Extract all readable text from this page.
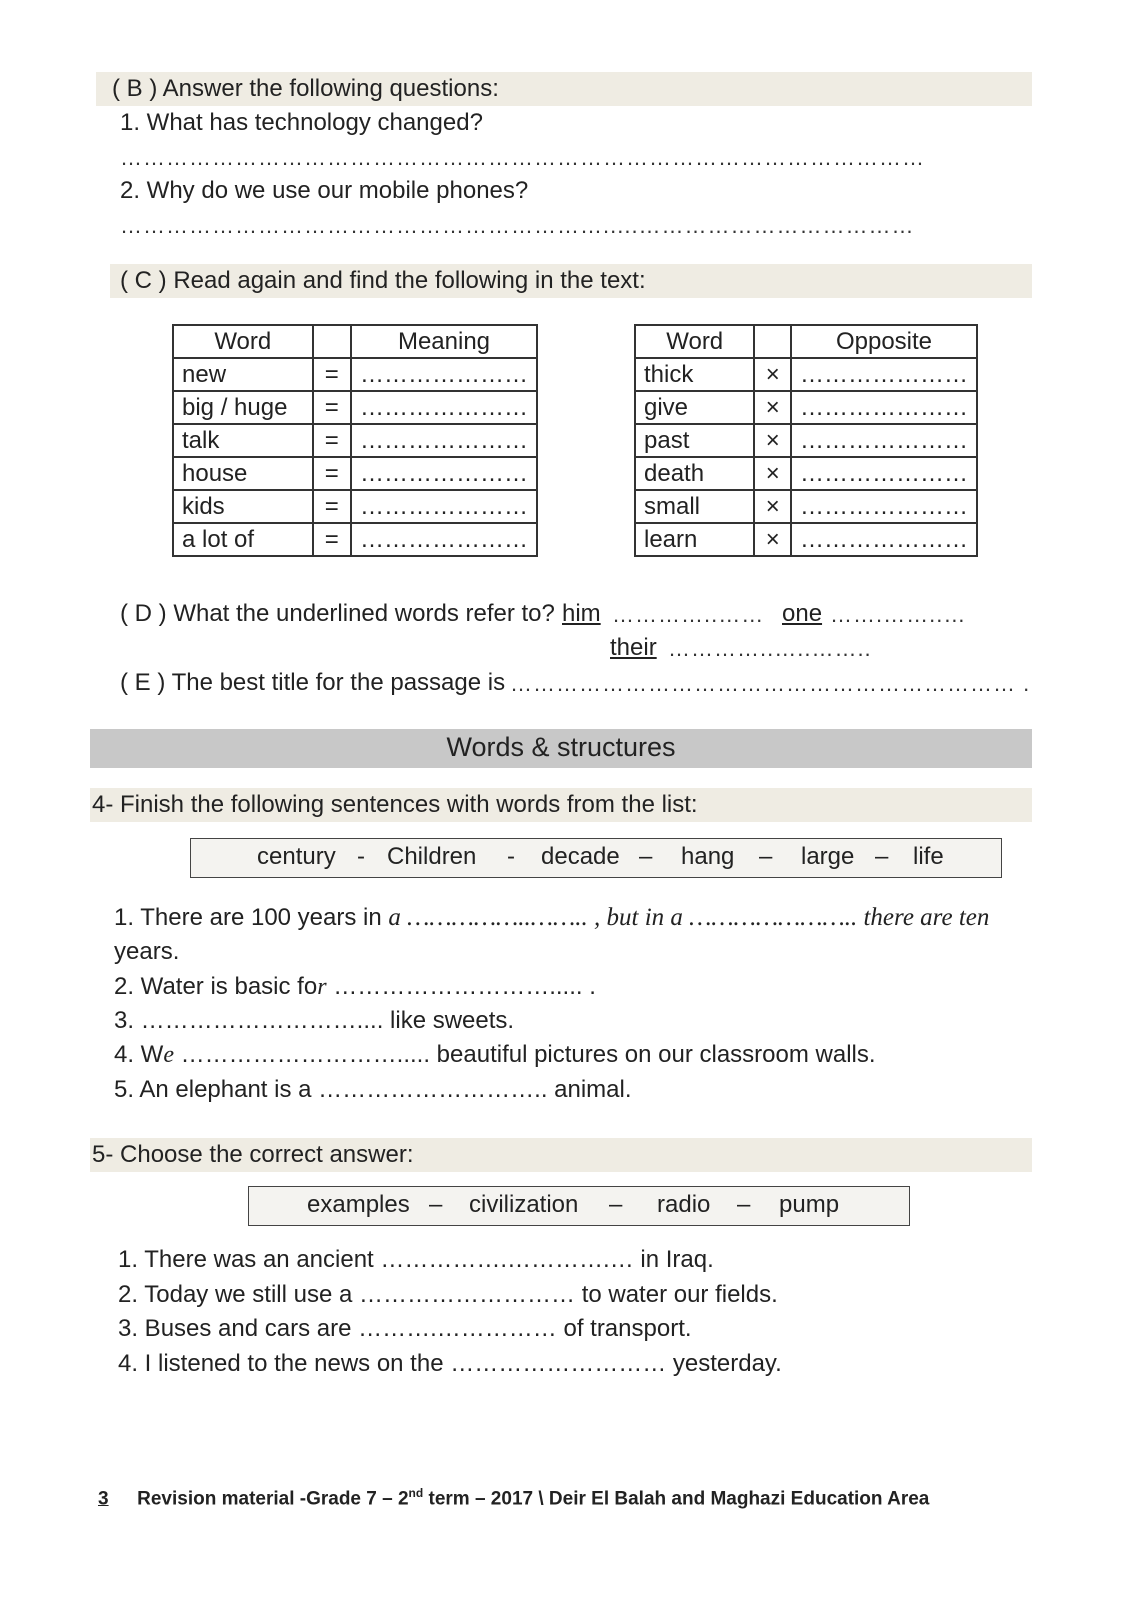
( B ) Answer the following questions:
1. What has technology changed?
……………………………………………………………………………………………
2. Why do we use our mobile phones?
……………………………………………………….....………………………………
( C ) Read again and find the following in the text:
Word		Meaning
new	=	…………………
big / huge	=	…………………
talk	=	…………………
house	=	…………………
kids	=	…………………
a lot of	=	…………………
Word		Opposite
thick	×	…………………
give	×	…………………
past	×	…………………
death	×	…………………
small	×	…………………
learn	×	…………………
( D ) What the underlined words refer to? him …………..…… one …….……..…
their …………..…..……..
( E ) The best title for the passage is ………………………………………………………… .
Words & structures
4- Finish the following sentences with words from the list:
century - Children - decade – hang – large – life
1. There are 100 years in a ……………..…….. , but in a ………………….. there are ten
years.
2. Water is basic for ………………………..... .
3. ……………………….... like sweets.
4. We ………………………..... beautiful pictures on our classroom walls.
5. An elephant is a ……………………….. animal.
5- Choose the correct answer:
examples – civilization – radio – pump
1. There was an ancient …………….………….… in Iraq.
2. Today we still use a ……………………… to water our fields.
3. Buses and cars are ……….…………… of transport.
4. I listened to the news on the ……………………… yesterday.
3 Revision material -Grade 7 – 2nd term – 2017 \ Deir El Balah and Maghazi Education Area
